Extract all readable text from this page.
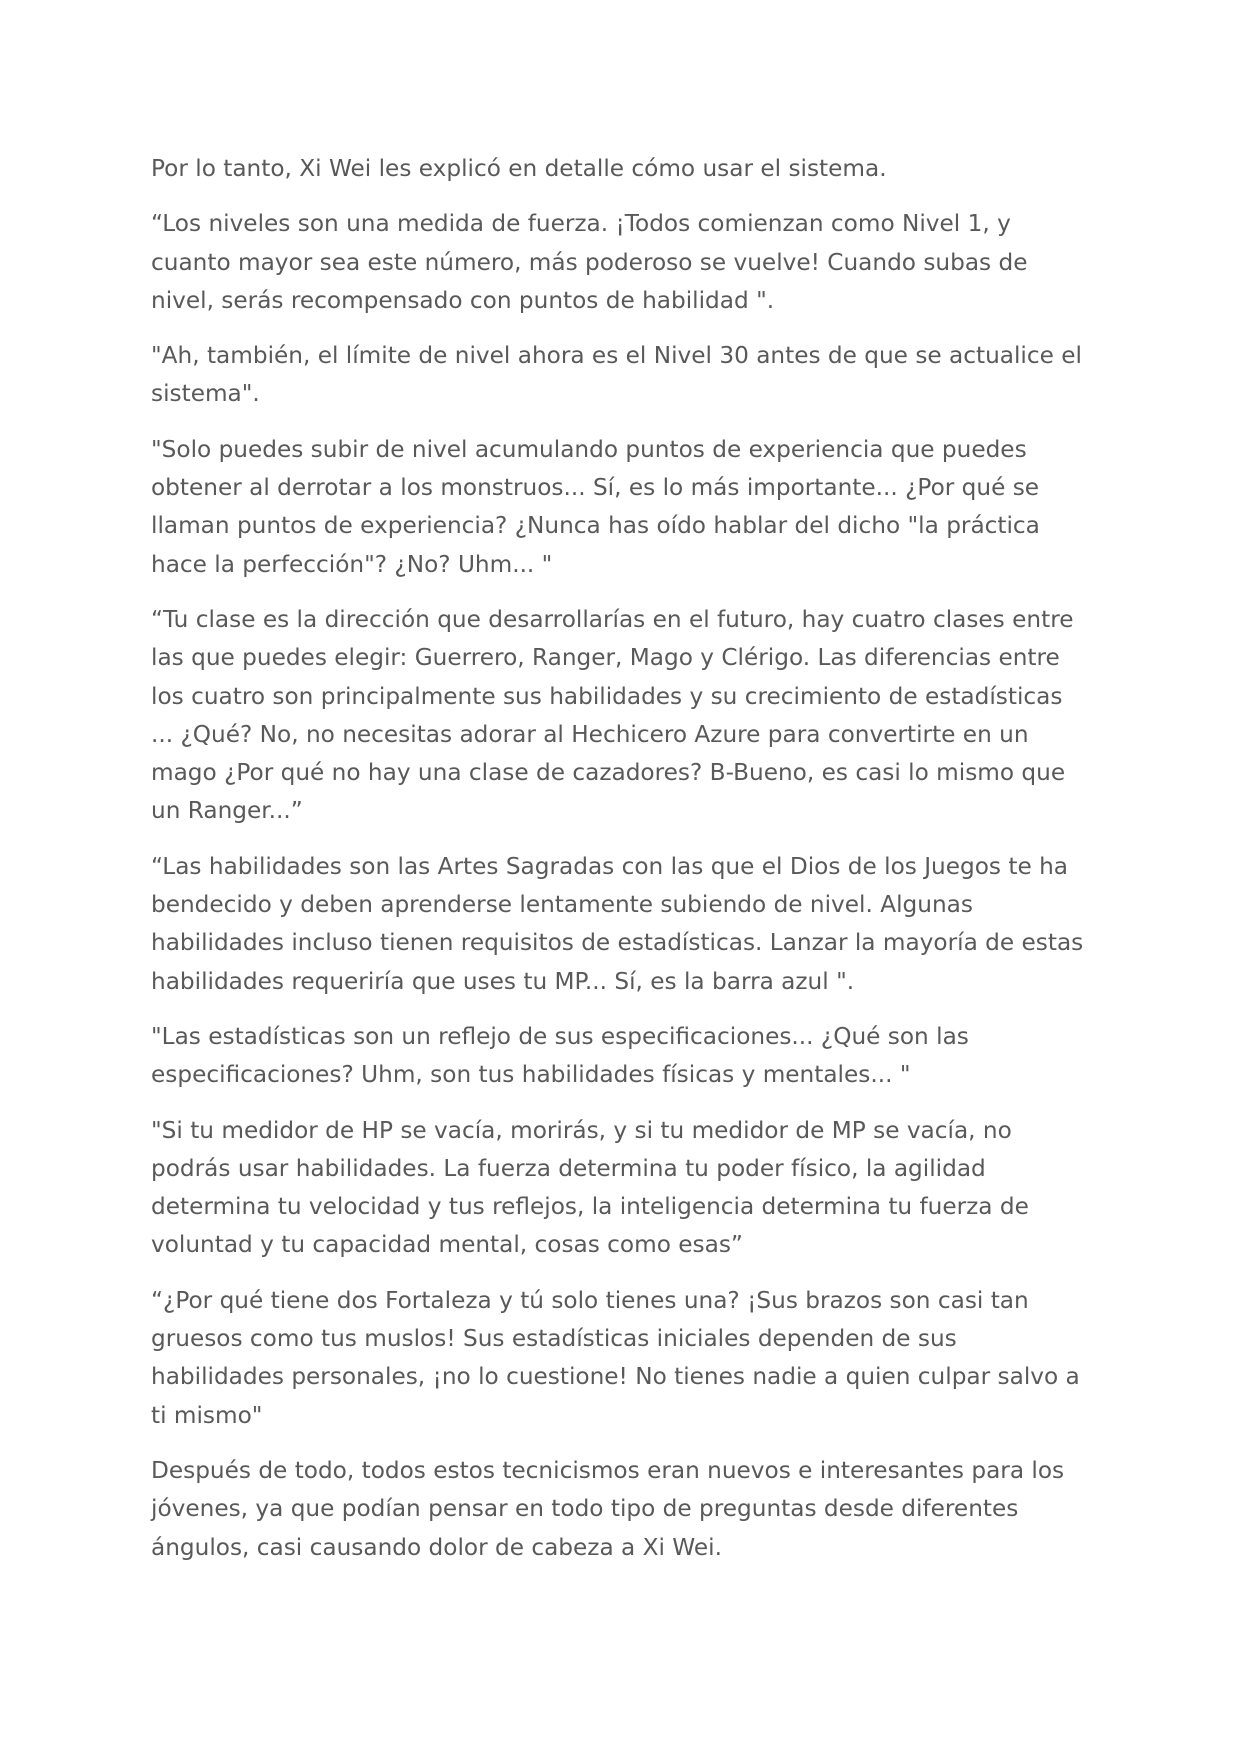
Por lo tanto, Xi Wei les explicó en detalle cómo usar el sistema.

“Los niveles son una medida de fuerza. ¡Todos comienzan como Nivel 1, y
cuanto mayor sea este número, más poderoso se vuelve! Cuando subas de
nivel, serás recompensado con puntos de habilidad ".

"Ah, también, el límite de nivel ahora es el Nivel 30 antes de que se actualice el
sistema".

"Solo puedes subir de nivel acumulando puntos de experiencia que puedes
obtener al derrotar a los monstruos... Sí, es lo más importante... ¿Por qué se
llaman puntos de experiencia? ¿Nunca has oído hablar del dicho "la práctica
hace la perfección"? ¿No? Uhm... "

“Tu clase es la dirección que desarrollarías en el futuro, hay cuatro clases entre
las que puedes elegir: Guerrero, Ranger, Mago y Clérigo. Las diferencias entre
los cuatro son principalmente sus habilidades y su crecimiento de estadísticas
... ¿Qué? No, no necesitas adorar al Hechicero Azure para convertirte en un
mago ¿Por qué no hay una clase de cazadores? B-Bueno, es casi lo mismo que
un Ranger...”

“Las habilidades son las Artes Sagradas con las que el Dios de los Juegos te ha
bendecido y deben aprenderse lentamente subiendo de nivel. Algunas
habilidades incluso tienen requisitos de estadísticas. Lanzar la mayoría de estas
habilidades requeriría que uses tu MP... Sí, es la barra azul ".

"Las estadísticas son un reflejo de sus especificaciones... ¿Qué son las
especificaciones? Uhm, son tus habilidades físicas y mentales... "

"Si tu medidor de HP se vacía, morirás, y si tu medidor de MP se vacía, no
podrás usar habilidades. La fuerza determina tu poder físico, la agilidad
determina tu velocidad y tus reflejos, la inteligencia determina tu fuerza de
voluntad y tu capacidad mental, cosas como esas”

“¿Por qué tiene dos Fortaleza y tú solo tienes una? ¡Sus brazos son casi tan
gruesos como tus muslos! Sus estadísticas iniciales dependen de sus
habilidades personales, ¡no lo cuestione! No tienes nadie a quien culpar salvo a
ti mismo"

Después de todo, todos estos tecnicismos eran nuevos e interesantes para los
jóvenes, ya que podían pensar en todo tipo de preguntas desde diferentes
ángulos, casi causando dolor de cabeza a Xi Wei.
